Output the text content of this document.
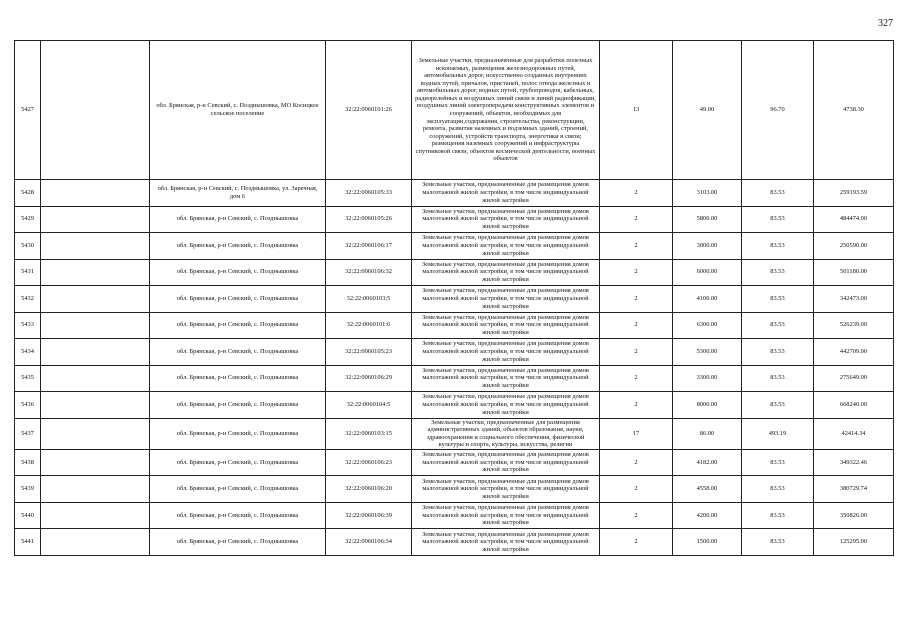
327
5427		обл. Брянская, р-н Севский, с. Позднышовка, МО Косицкое сельское поселение	32:22:0060101:26	Земельные участки, предназначенные для разработки полезных ископаемых, размещения железнодорожных путей, автомобильных дорог, искусственно созданных внутренних водных путей, причалов, пристаней, полос отвода железных и автомобильных дорог, водных путей, трубопроводов, кабельных, радиорелейных и воздушных линий связи и линий радиофикации, воздушных линий электропередачи конструктивных элементов и сооружений, объектов, необходимых для эксплуатации,содержания, строительства, реконструкции, ремонта, развития наземных и подземных зданий, строений, сооружений, устройств транспорта, энергетики и связи; размещения наземных сооружений и инфраструктуры спутниковой связи, объектов космической деятельности, военных объектов	13	49.00	96.70	4738.30
5428		обл. Брянская, р-н Севский, с. Позднышовка, ул. Заречная, дом 6	32:22:0060105:33	Земельные участки, предназначенные для размещения домов малоэтажной жилой застройки, в том числе индивидуальной жилой застройки	2	3103.00	83.53	259193.59
5429		обл. Брянская, р-н Севский, с. Позднышовка	32:22:0060105:26	Земельные участки, предназначенные для размещения домов малоэтажной жилой застройки, в том числе индивидуальной жилой застройки	2	5800.00	83.53	484474.00
5430		обл. Брянская, р-н Севский, с. Позднышовка	32:22:0060106:17	Земельные участки, предназначенные для размещения домов малоэтажной жилой застройки, в том числе индивидуальной жилой застройки	2	3000.00	83.53	250590.00
5431		обл. Брянская, р-н Севский, с. Позднышовка	32:22:0060106:32	Земельные участки, предназначенные для размещения домов малоэтажной жилой застройки, в том числе индивидуальной жилой застройки	2	6000.00	83.53	501180.00
5432		обл. Брянская, р-н Севский, с. Позднышовка	32:22:0060103:5	Земельные участки, предназначенные для размещения домов малоэтажной жилой застройки, в том числе индивидуальной жилой застройки	2	4100.00	83.53	342473.00
5433		обл. Брянская, р-н Севский, с. Позднышовка	32:22:0060101:6	Земельные участки, предназначенные для размещения домов малоэтажной жилой застройки, в том числе индивидуальной жилой застройки	2	6300.00	83.53	526239.00
5434		обл. Брянская, р-н Севский, с. Позднышовка	32:22:0060105:23	Земельные участки, предназначенные для размещения домов малоэтажной жилой застройки, в том числе индивидуальной жилой застройки	2	5300.00	83.53	442709.00
5435		обл. Брянская, р-н Севский, с. Позднышовка	32:22:0060106:29	Земельные участки, предназначенные для размещения домов малоэтажной жилой застройки, в том числе индивидуальной жилой застройки	2	3300.00	83.53	275649.00
5436		обл. Брянская, р-н Севский, с. Позднышовка	32:22:0060104:5	Земельные участки, предназначенные для размещения домов малоэтажной жилой застройки, в том числе индивидуальной жилой застройки	2	8000.00	83.53	668240.00
5437		обл. Брянская, р-н Севский, с. Позднышовка	32:22:0060103:15	Земельные участки, предназначенные для размещения административных зданий, объектов образования, науки, здравоохранения и социального обеспечения, физической культуры и спорта, культуры, искусства, религии	17	86.00	493.19	42414.34
5438		обл. Брянская, р-н Севский, с. Позднышовка	32:22:0060106:23	Земельные участки, предназначенные для размещения домов малоэтажной жилой застройки, в том числе индивидуальной жилой застройки	2	4182.00	83.53	349322.46
5439		обл. Брянская, р-н Севский, с. Позднышовка	32:22:0060106:20	Земельные участки, предназначенные для размещения домов малоэтажной жилой застройки, в том числе индивидуальной жилой застройки	2	4558.00	83.53	380729.74
5440		обл. Брянская, р-н Севский, с. Позднышовка	32:22:0060106:39	Земельные участки, предназначенные для размещения домов малоэтажной жилой застройки, в том числе индивидуальной жилой застройки	2	4200.00	83.53	350826.00
5441		обл. Брянская, р-н Севский, с. Позднышовка	32:22:0060106:34	Земельные участки, предназначенные для размещения домов малоэтажной жилой застройки, в том числе индивидуальной жилой застройки	2	1500.00	83.53	125295.00
